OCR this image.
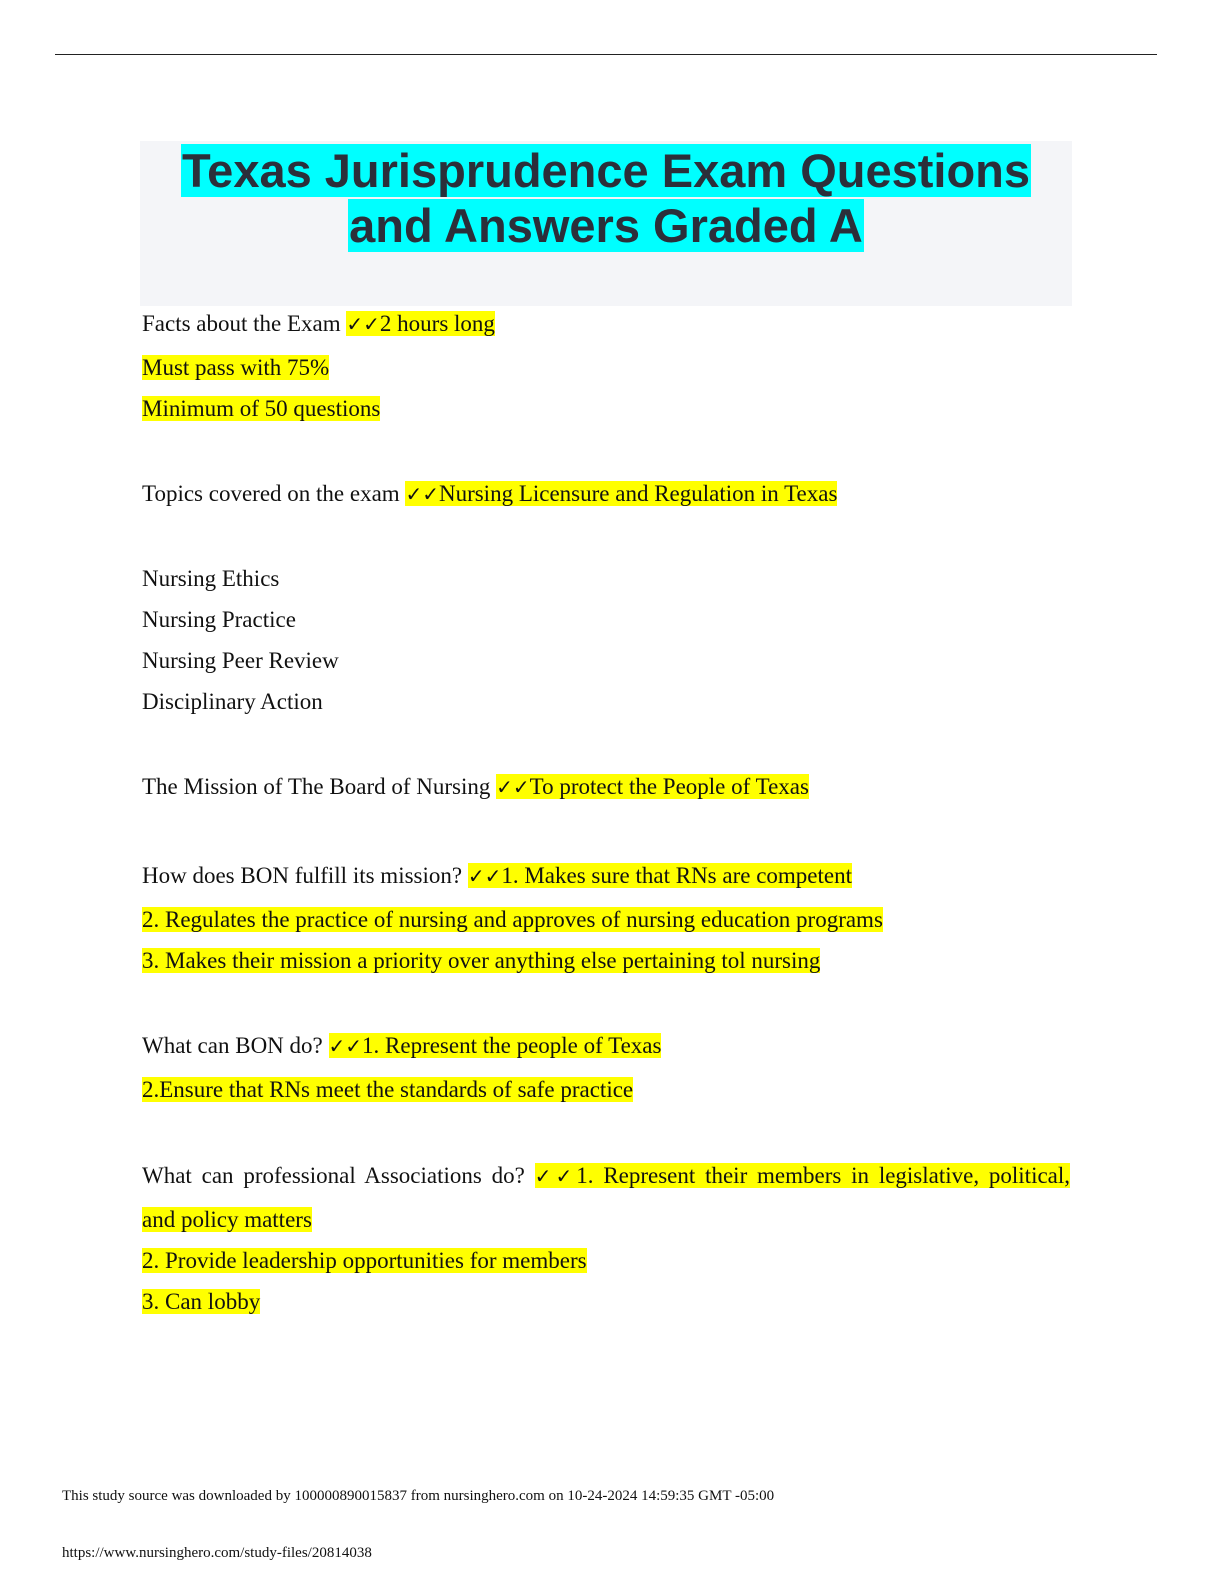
Texas Jurisprudence Exam Questions
and Answers Graded A
Facts about the Exam ✓✓2 hours long
Must pass with 75%
Minimum of 50 questions
Topics covered on the exam ✓✓Nursing Licensure and Regulation in Texas
Nursing Ethics
Nursing Practice
Nursing Peer Review
Disciplinary Action
The Mission of The Board of Nursing ✓✓To protect the People of Texas
How does BON fulfill its mission? ✓✓1. Makes sure that RNs are competent
2. Regulates the practice of nursing and approves of nursing education programs
3. Makes their mission a priority over anything else pertaining tol nursing
What can BON do? ✓✓1. Represent the people of Texas
2.Ensure that RNs meet the standards of safe practice
What can professional Associations do? ✓✓1. Represent their members in legislative, political,
and policy matters
2. Provide leadership opportunities for members
3. Can lobby
This study source was downloaded by 100000890015837 from nursinghero.com on 10-24-2024 14:59:35 GMT -05:00
https://www.nursinghero.com/study-files/20814038
